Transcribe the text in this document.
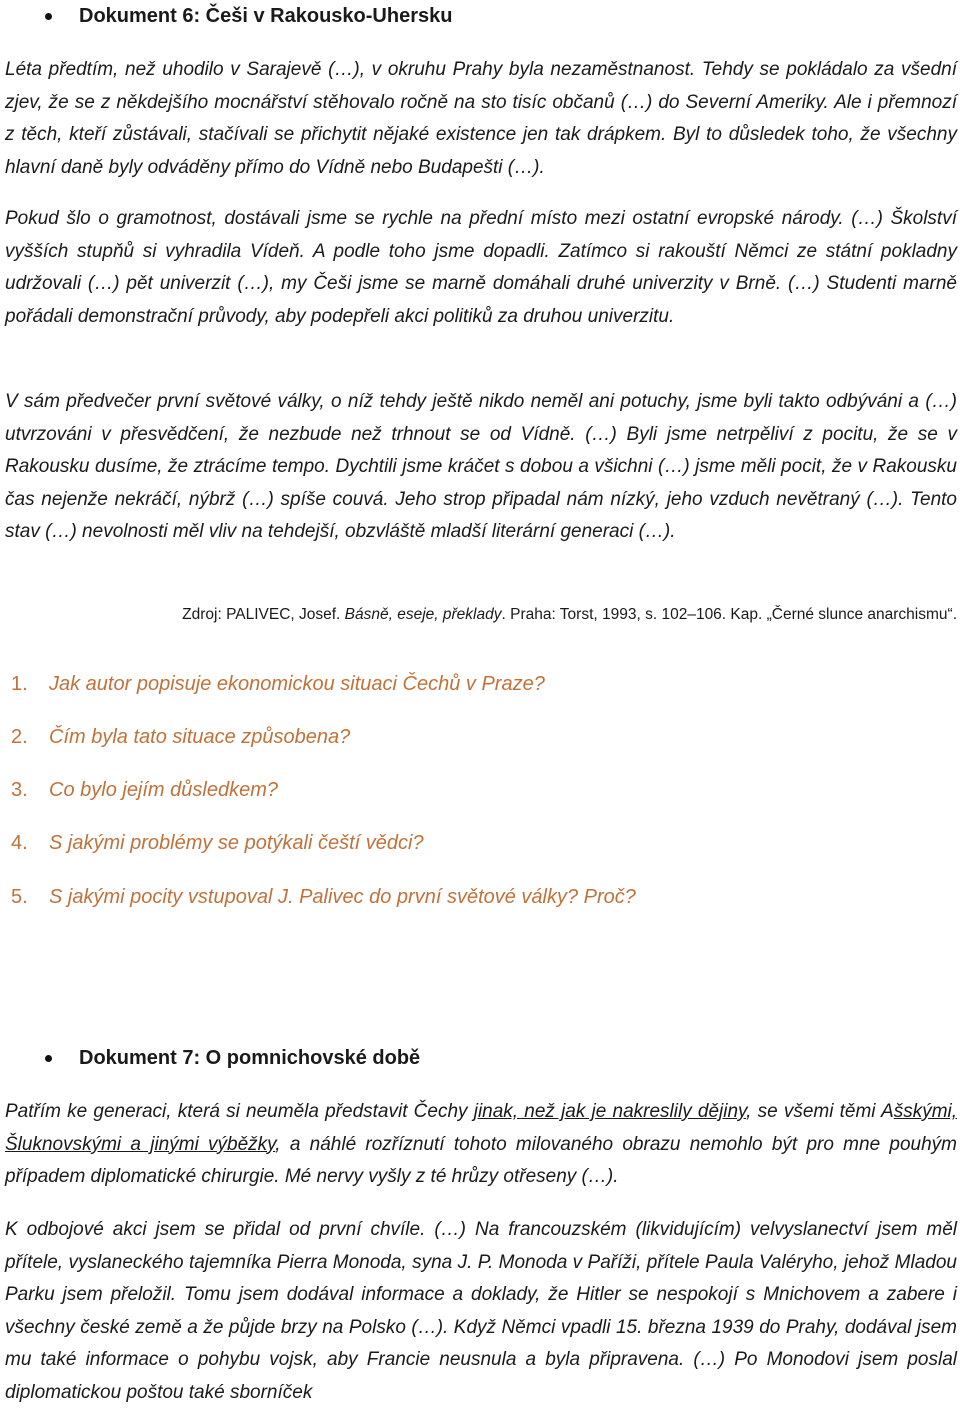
Dokument 6: Češi v Rakousko-Uhersku
Léta předtím, než uhodilo v Sarajevě (…), v okruhu Prahy byla nezaměstnanost. Tehdy se pokládalo za všední zjev, že se z někdejšího mocnářství stěhovalo ročně na sto tisíc občanů (…) do Severní Ameriky. Ale i přemnozí z těch, kteří zůstávali, stačívali se přichytit nějaké existence jen tak drápkem. Byl to důsledek toho, že všechny hlavní daně byly odváděny přímo do Vídně nebo Budapešti (…).
Pokud šlo o gramotnost, dostávali jsme se rychle na přední místo mezi ostatní evropské národy. (…) Školství vyšších stupňů si vyhradila Vídeň. A podle toho jsme dopadli. Zatímco si rakouští Němci ze státní pokladny udržovali (…) pět univerzit (…), my Češi jsme se marně domáhali druhé univerzity v Brně. (…) Studenti marně pořádali demonstrační průvody, aby podepřeli akci politiků za druhou univerzitu.
V sám předvečer první světové války, o níž tehdy ještě nikdo neměl ani potuchy, jsme byli takto odbýváni a (…) utvrzováni v přesvědčení, že nezbude než trhnout se od Vídně. (…) Byli jsme netrpěliví z pocitu, že se v Rakousku dusíme, že ztrácíme tempo. Dychtili jsme kráčet s dobou a všichni (…) jsme měli pocit, že v Rakousku čas nejenže nekráčí, nýbrž (…) spíše couvá. Jeho strop připadal nám nízký, jeho vzduch nevětraný (…). Tento stav (…) nevolnosti měl vliv na tehdejší, obzvláště mladší literární generaci (…).
Zdroj: PALIVEC, Josef. Básně, eseje, překlady. Praha: Torst, 1993, s. 102–106. Kap. „Černé slunce anarchismu“.
1. Jak autor popisuje ekonomickou situaci Čechů v Praze?
2. Čím byla tato situace způsobena?
3. Co bylo jejím důsledkem?
4. S jakými problémy se potýkali čeští vědci?
5. S jakými pocity vstupoval J. Palivec do první světové války? Proč?
Dokument 7: O pomnichovské době
Patřím ke generaci, která si neuměla představit Čechy jinak, než jak je nakreslily dějiny, se všemi těmi Ašskými, Šluknovskými a jinými výběžky, a náhlé rozříznutí tohoto milovaného obrazu nemohlo být pro mne pouhým případem diplomatické chirurgie. Mé nervy vyšly z té hrůzy otřeseny (…).
K odbojové akci jsem se přidal od první chvíle. (…) Na francouzském (likvidujícím) velvyslanectví jsem měl přítele, vyslaneckého tajemníka Pierra Monoda, syna J. P. Monoda v Paříži, přítele Paula Valéryho, jehož Mladou Parku jsem přeložil. Tomu jsem dodával informace a doklady, že Hitler se nespokojí s Mnichovem a zabere i všechny české země a že půjde brzy na Polsko (…). Když Němci vpadli 15. března 1939 do Prahy, dodával jsem mu také informace o pohybu vojsk, aby Francie neusnula a byla připravena. (…) Po Monodovi jsem poslal diplomatickou poštou také sborníček
